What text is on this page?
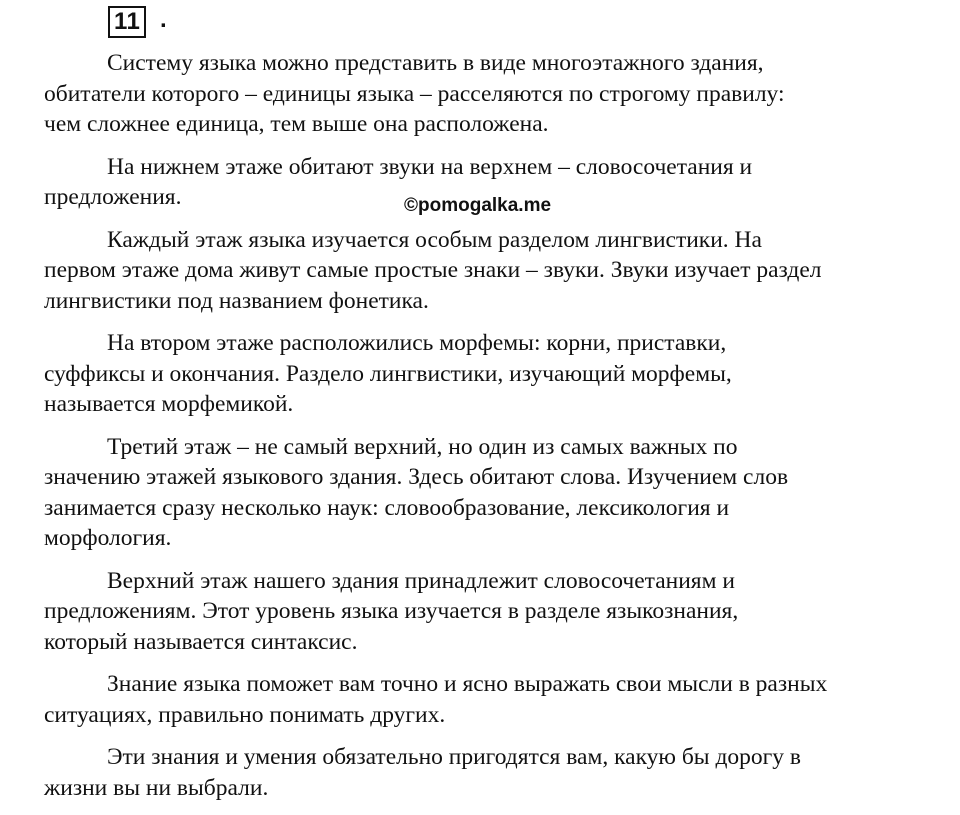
11 .
©pomogalka.me

Систему языка можно представить в виде многоэтажного здания,
обитатели которого – единицы языка – расселяются по строгому правилу:
чем сложнее единица, тем выше она расположена.

На нижнем этаже обитают звуки на верхнем – словосочетания и
предложения.

Каждый этаж языка изучается особым разделом лингвистики. На
первом этаже дома живут самые простые знаки – звуки. Звуки изучает раздел
лингвистики под названием фонетика.

На втором этаже расположились морфемы: корни, приставки,
суффиксы и окончания. Раздело лингвистики, изучающий морфемы,
называется морфемикой.

Третий этаж – не самый верхний, но один из самых важных по
значению этажей языкового здания. Здесь обитают слова. Изучением слов
занимается сразу несколько наук: словообразование, лексикология и
морфология.

Верхний этаж нашего здания принадлежит словосочетаниям и
предложениям. Этот уровень языка изучается в разделе языкознания,
который называется синтаксис.

Знание языка поможет вам точно и ясно выражать свои мысли в разных
ситуациях, правильно понимать других.

Эти знания и умения обязательно пригодятся вам, какую бы дорогу в
жизни вы ни выбрали.
